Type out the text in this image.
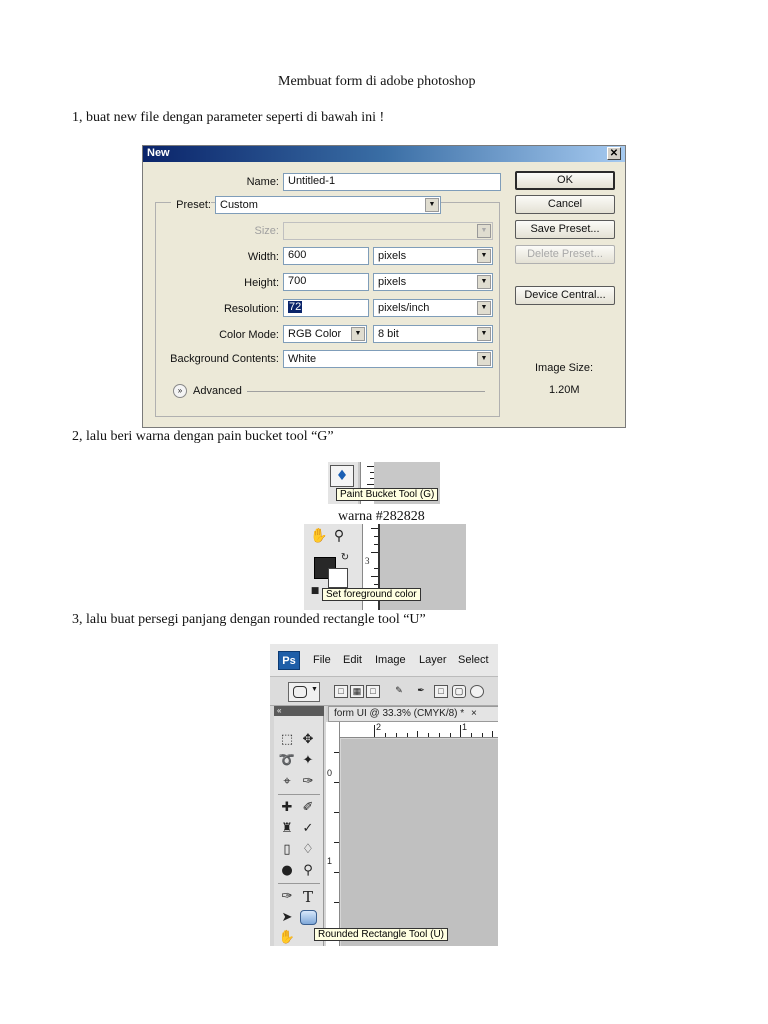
Membuat form di adobe photoshop
1, buat new file dengan parameter seperti di bawah ini !
New	✕
Name: Untitled-1
Preset: Custom	▼
Size:	▼
Width: 600	pixels	▼
Height: 700	pixels	▼
Resolution: 72	pixels/inch	▼
Color Mode: RGB Color	▼	8 bit	▼
Background Contents: White	▼
» Advanced
OK
Cancel
Save Preset...
Delete Preset...
Device Central...
Image Size:
1.20M
2, lalu beri warna dengan pain bucket tool “G”
♦
Paint Bucket Tool (G)
warna #282828
✋ ⚲
↻
■
3
Set foreground color
3, lalu buat persegi panjang dengan rounded rectangle tool “U”
Ps	File Edit Image Layer Select
▼	□	▦	□	✎	✒	□	▢
«
⬚ ✥
➰ ✦
⌖ ✑
✚ ✐
♜ ✓
▯ ♢
● ⚲
✑ T
➤
✋
form UI @ 33.3% (CMYK/8) * ×
2	1
0
1
Rounded Rectangle Tool (U)
